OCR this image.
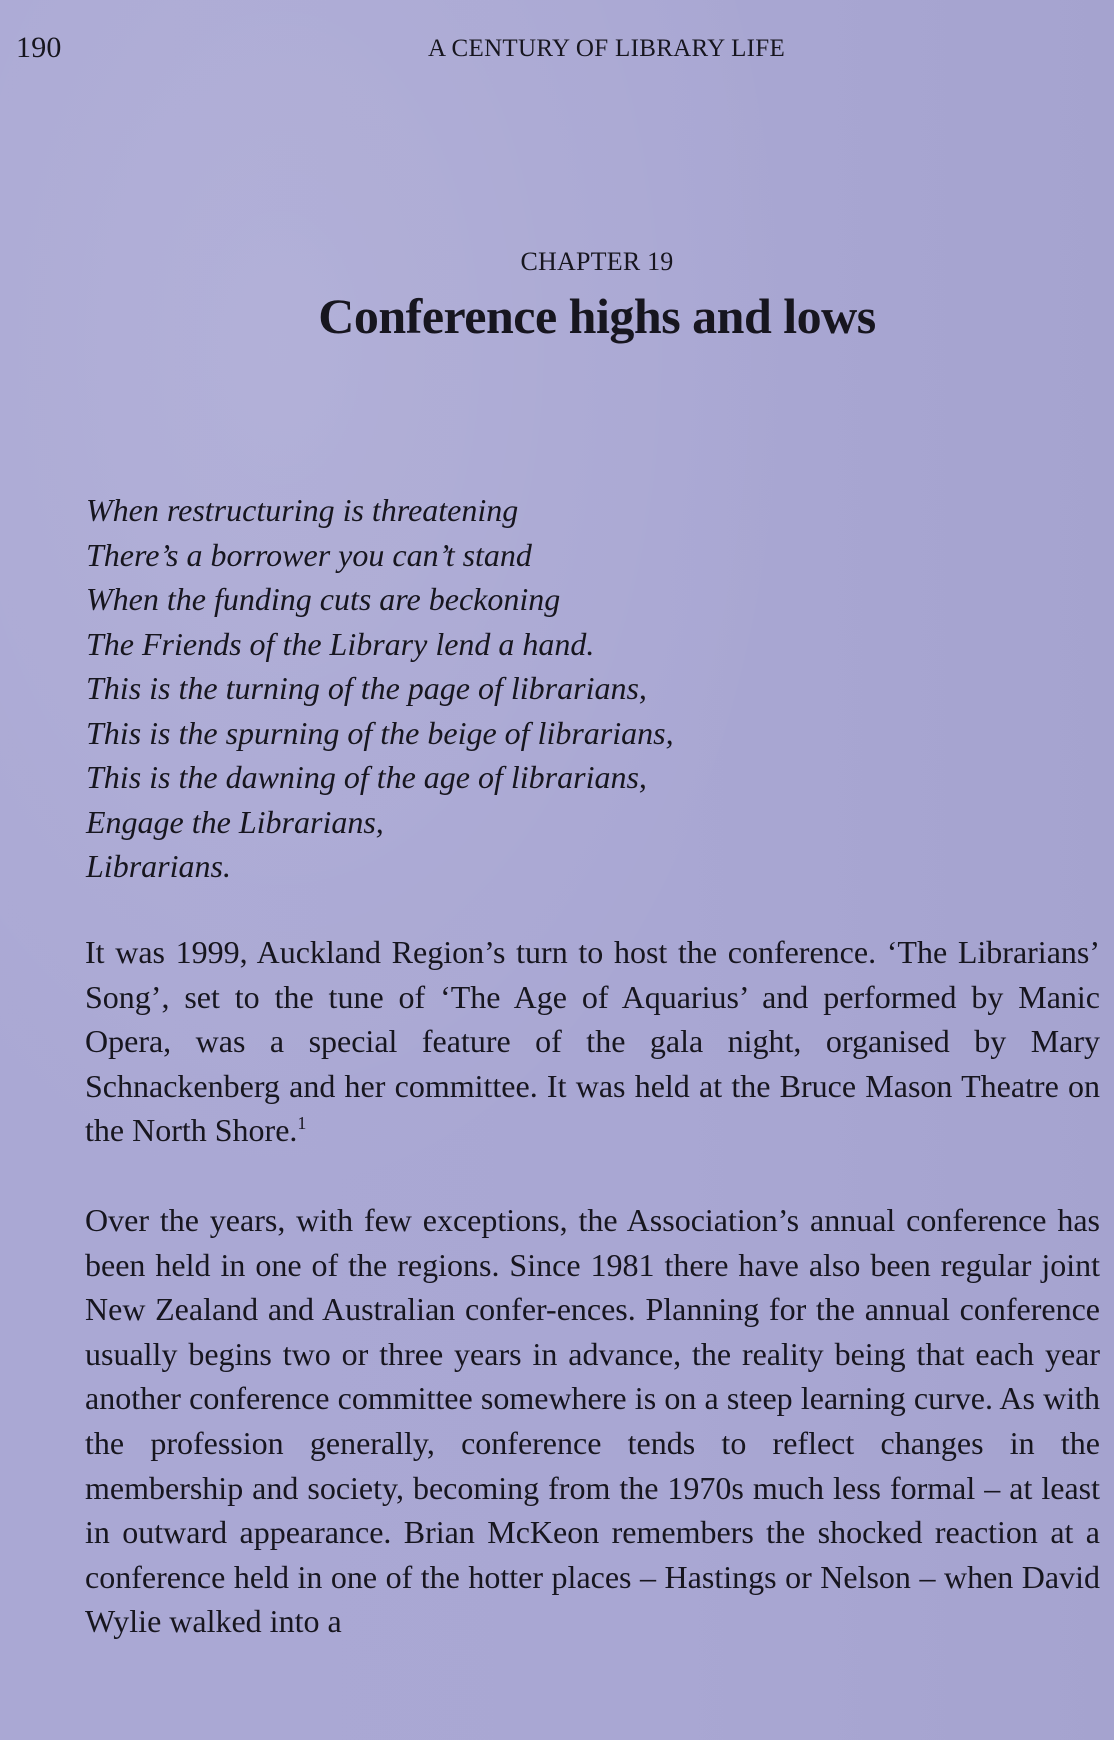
190	A CENTURY OF LIBRARY LIFE
CHAPTER 19
Conference highs and lows
When restructuring is threatening
There’s a borrower you can’t stand
When the funding cuts are beckoning
The Friends of the Library lend a hand.
This is the turning of the page of librarians,
This is the spurning of the beige of librarians,
This is the dawning of the age of librarians,
Engage the Librarians,
Librarians.

It was 1999, Auckland Region’s turn to host the conference. ‘The Librarians’ Song’, set to the tune of ‘The Age of Aquarius’ and performed by Manic Opera, was a special feature of the gala night, organised by Mary Schnackenberg and her committee. It was held at the Bruce Mason Theatre on the North Shore.$^1$

Over the years, with few exceptions, the Association’s annual conference has been held in one of the regions. Since 1981 there have also been regular joint New Zealand and Australian confer-ences. Planning for the annual conference usually begins two or three years in advance, the reality being that each year another conference committee somewhere is on a steep learning curve. As with the profession generally, conference tends to reflect changes in the membership and society, becoming from the 1970s much less formal – at least in outward appearance. Brian McKeon remembers the shocked reaction at a conference held in one of the hotter places – Hastings or Nelson – when David Wylie walked into a
